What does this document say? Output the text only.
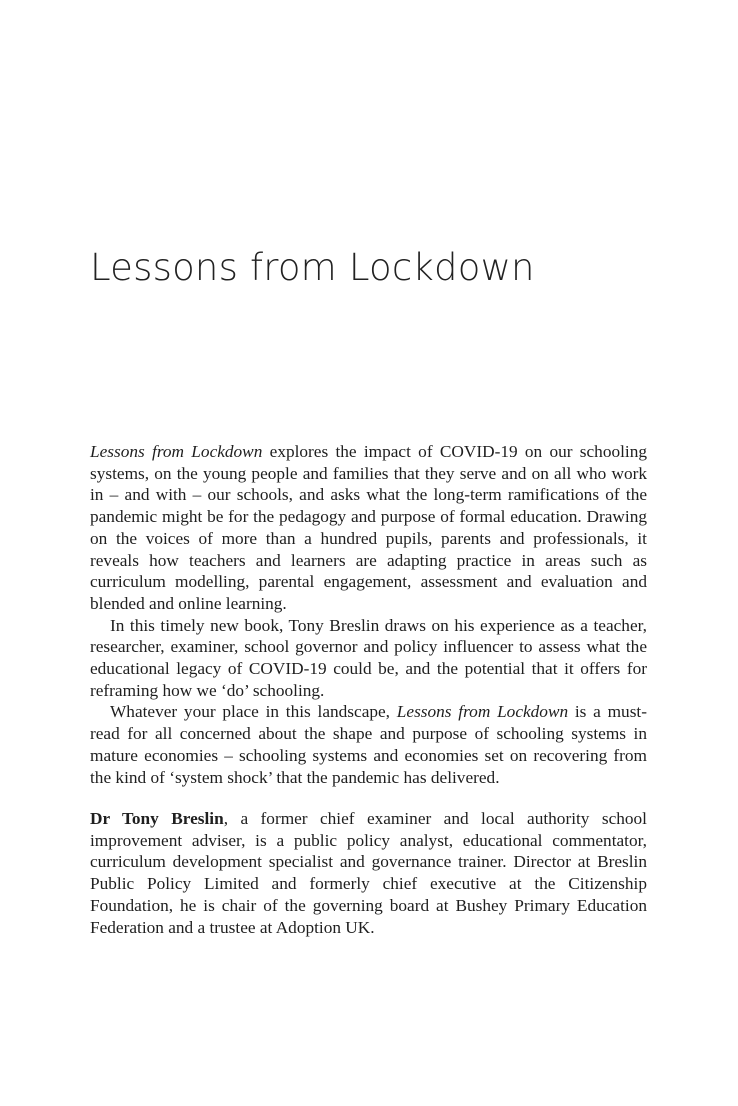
Lessons from Lockdown

Lessons from Lockdown explores the impact of COVID-19 on our schooling systems, on the young people and families that they serve and on all who work in – and with – our schools, and asks what the long-term ramifications of the pandemic might be for the pedagogy and purpose of formal education. Drawing on the voices of more than a hundred pupils, parents and professionals, it reveals how teachers and learners are adapting practice in areas such as curriculum modelling, parental engagement, assessment and evaluation and blended and online learning.

In this timely new book, Tony Breslin draws on his experience as a teacher, researcher, examiner, school governor and policy influencer to assess what the educational legacy of COVID-19 could be, and the potential that it offers for reframing how we ‘do’ schooling.

Whatever your place in this landscape, Lessons from Lockdown is a must-read for all concerned about the shape and purpose of schooling systems in mature economies – schooling systems and economies set on recovering from the kind of ‘system shock’ that the pandemic has delivered.

Dr Tony Breslin, a former chief examiner and local authority school improvement adviser, is a public policy analyst, educational commentator, curriculum development specialist and governance trainer. Director at Breslin Public Policy Limited and formerly chief executive at the Citizenship Foundation, he is chair of the governing board at Bushey Primary Education Federation and a trustee at Adoption UK.
